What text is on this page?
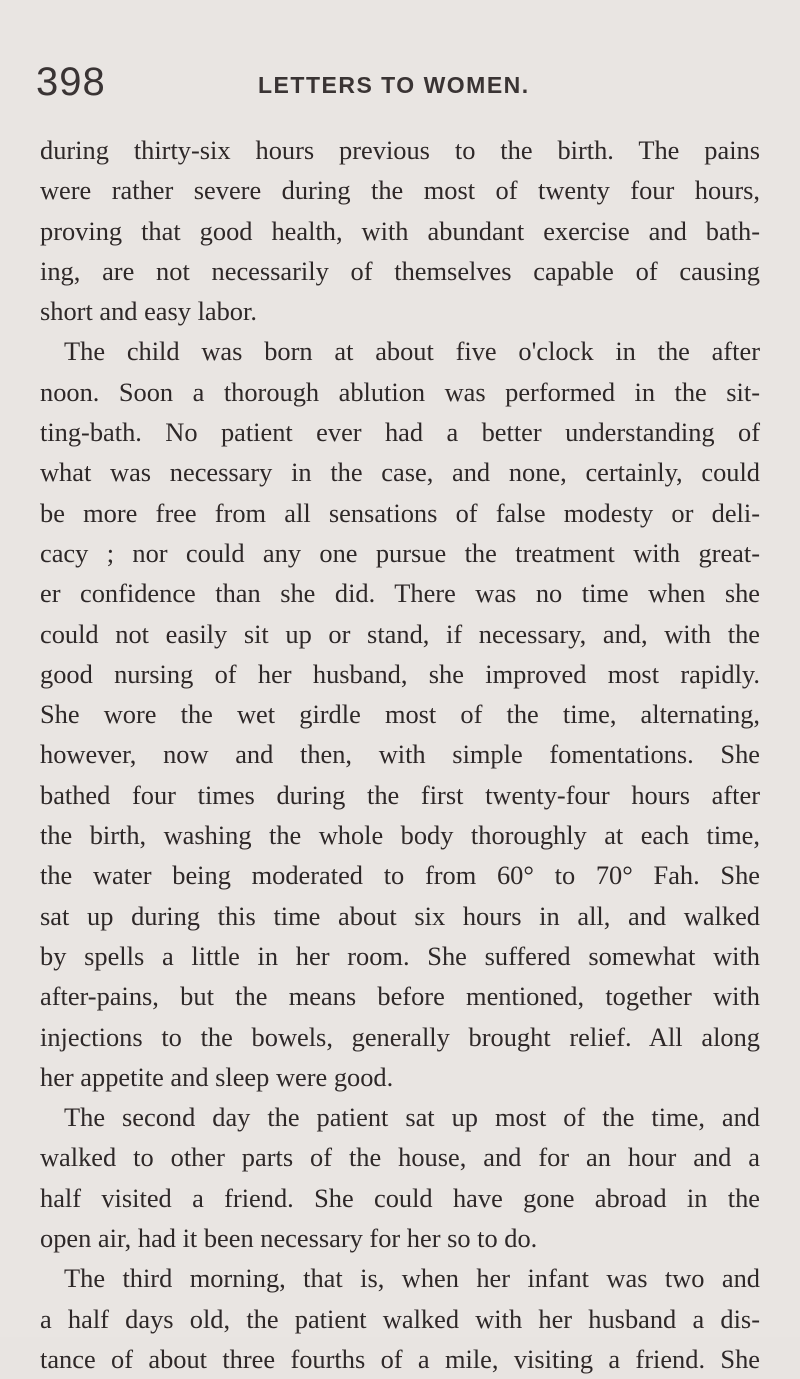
398	LETTERS TO WOMEN.
during thirty-six hours previous to the birth. The pains
were rather severe during the most of twenty four hours,
proving that good health, with abundant exercise and bath-
ing, are not necessarily of themselves capable of causing
short and easy labor.
The child was born at about five o'clock in the after
noon. Soon a thorough ablution was performed in the sit-
ting-bath. No patient ever had a better understanding of
what was necessary in the case, and none, certainly, could
be more free from all sensations of false modesty or deli-
cacy ; nor could any one pursue the treatment with great-
er confidence than she did. There was no time when she
could not easily sit up or stand, if necessary, and, with the
good nursing of her husband, she improved most rapidly.
She wore the wet girdle most of the time, alternating,
however, now and then, with simple fomentations. She
bathed four times during the first twenty-four hours after
the birth, washing the whole body thoroughly at each time,
the water being moderated to from 60° to 70° Fah. She
sat up during this time about six hours in all, and walked
by spells a little in her room. She suffered somewhat with
after-pains, but the means before mentioned, together with
injections to the bowels, generally brought relief. All along
her appetite and sleep were good.
The second day the patient sat up most of the time, and
walked to other parts of the house, and for an hour and a
half visited a friend. She could have gone abroad in the
open air, had it been necessary for her so to do.
The third morning, that is, when her infant was two and
a half days old, the patient walked with her husband a dis-
tance of about three fourths of a mile, visiting a friend. She
